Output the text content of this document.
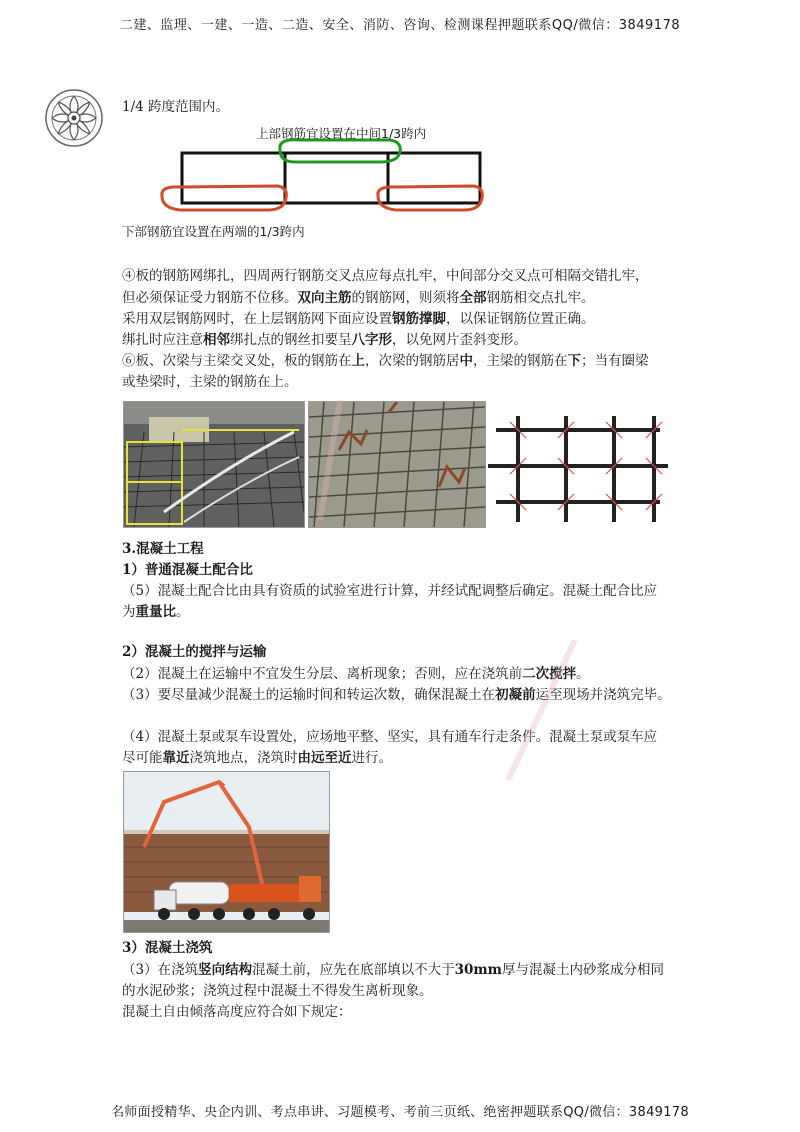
二建、监理、一建、一造、二造、安全、消防、咨询、检测课程押题联系QQ/微信：3849178
名师面授精华、央企内训、考点串讲、习题模考、考前三页纸、绝密押题联系QQ/微信：3849178
1/4 跨度范围内。
上部钢筋宜设置在中间1/3跨内
下部钢筋宜设置在两端的1/3跨内
④板的钢筋网绑扎，四周两行钢筋交叉点应每点扎牢，中间部分交叉点可相隔交错扎牢，
但必须保证受力钢筋不位移。双向主筋的钢筋网，则须将全部钢筋相交点扎牢。
采用双层钢筋网时，在上层钢筋网下面应设置钢筋撑脚，以保证钢筋位置正确。
绑扎时应注意相邻绑扎点的钢丝扣要呈八字形，以免网片歪斜变形。
⑥板、次梁与主梁交叉处，板的钢筋在上，次梁的钢筋居中，主梁的钢筋在下；当有圈梁
或垫梁时，主梁的钢筋在上。
3.混凝土工程
1）普通混凝土配合比
（5）混凝土配合比由具有资质的试验室进行计算，并经试配调整后确定。混凝土配合比应
为重量比。
2）混凝土的搅拌与运输
（2）混凝土在运输中不宜发生分层、离析现象；否则，应在浇筑前二次搅拌。
（3）要尽量减少混凝土的运输时间和转运次数，确保混凝土在初凝前运至现场并浇筑完毕。
（4）混凝土泵或泵车设置处，应场地平整、坚实，具有通车行走条件。混凝土泵或泵车应
尽可能靠近浇筑地点，浇筑时由远至近进行。
3）混凝土浇筑
（3）在浇筑竖向结构混凝土前，应先在底部填以不大于30mm厚与混凝土内砂浆成分相同
的水泥砂浆；浇筑过程中混凝土不得发生离析现象。
混凝土自由倾落高度应符合如下规定：
